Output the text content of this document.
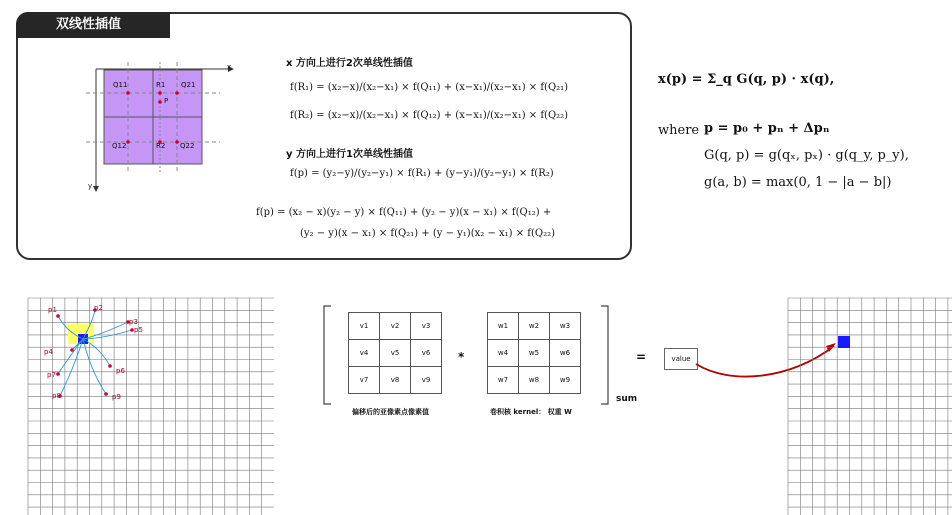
双线性插值
Q11	Q21
R1
P
Q12	R2 Q22
x
y
x 方向上进行2次单线性插值
f(R₁) = (x₂−x)/(x₂−x₁) × f(Q₁₁) + (x−x₁)/(x₂−x₁) × f(Q₂₁)
f(R₂) = (x₂−x)/(x₂−x₁) × f(Q₁₂) + (x−x₁)/(x₂−x₁) × f(Q₂₂)
y 方向上进行1次单线性插值
f(p) = (y₂−y)/(y₂−y₁) × f(R₁) + (y−y₁)/(y₂−y₁) × f(R₂)
f(p) = (x₂ − x)(y₂ − y) × f(Q₁₁) + (y₂ − y)(x − x₁) × f(Q₁₂) +
(y₂ − y)(x − x₁) × f(Q₂₁) + (y − y₁)(x₂ − x₁) × f(Q₂₂)
x(p) = Σ_q G(q, p) · x(q),
where p = p₀ + pₙ + Δpₙ
G(q, p) = g(qₓ, pₓ) · g(q_y, p_y),
g(a, b) = max(0, 1 − |a − b|)
p1	p2
p3
p4
p5
p6
p7
p8	p9
v1	v2	v3
v4	v5	v6
v7	v8	v9
偏移后的亚像素点像素值
*
w1	w2	w3
w4	w5	w6
w7	w8	w9
卷积核 kernel： 权重 W
sum
=	value
